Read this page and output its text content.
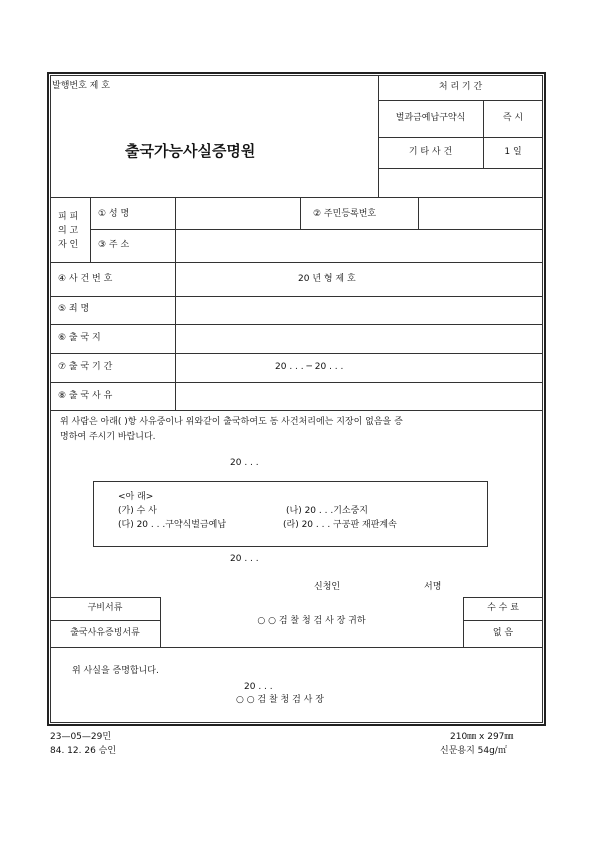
발행번호 제 호
출국가능사실증명원
처 리 기 간
벌과금예납구약식	즉 시
기 타 사 건	1 일
피 피
의 고
자 인
① 성 명	② 주민등록번호
③ 주 소
④ 사 건 번 호	20 년 형 제 호
⑤ 죄 명
⑥ 출 국 지
⑦ 출 국 기 간	20 . . . ─ 20 . . .
⑧ 출 국 사 유
위 사람은 아래( )항 사유중이나 위와같이 출국하여도 동 사건처리에는 지장이 없음을 증
명하여 주시기 바랍니다.
20 . . .
<아 래>
(가) 수 사	(나) 20 . . .기소중지
(다) 20 . . .구약식벌금예납	(라) 20 . . . 구공판 재판계속
20 . . .
신청인	서명
구비서류
출국사유증빙서류
○ ○ 검 찰 청 검 사 장 귀하
수 수 료
없 음
위 사실을 증명합니다.
20 . . .
○ ○ 검 찰 청 검 사 장
23—05—29민
84. 12. 26 승인
210㎜ x 297㎜
신문용지 54g/㎡
